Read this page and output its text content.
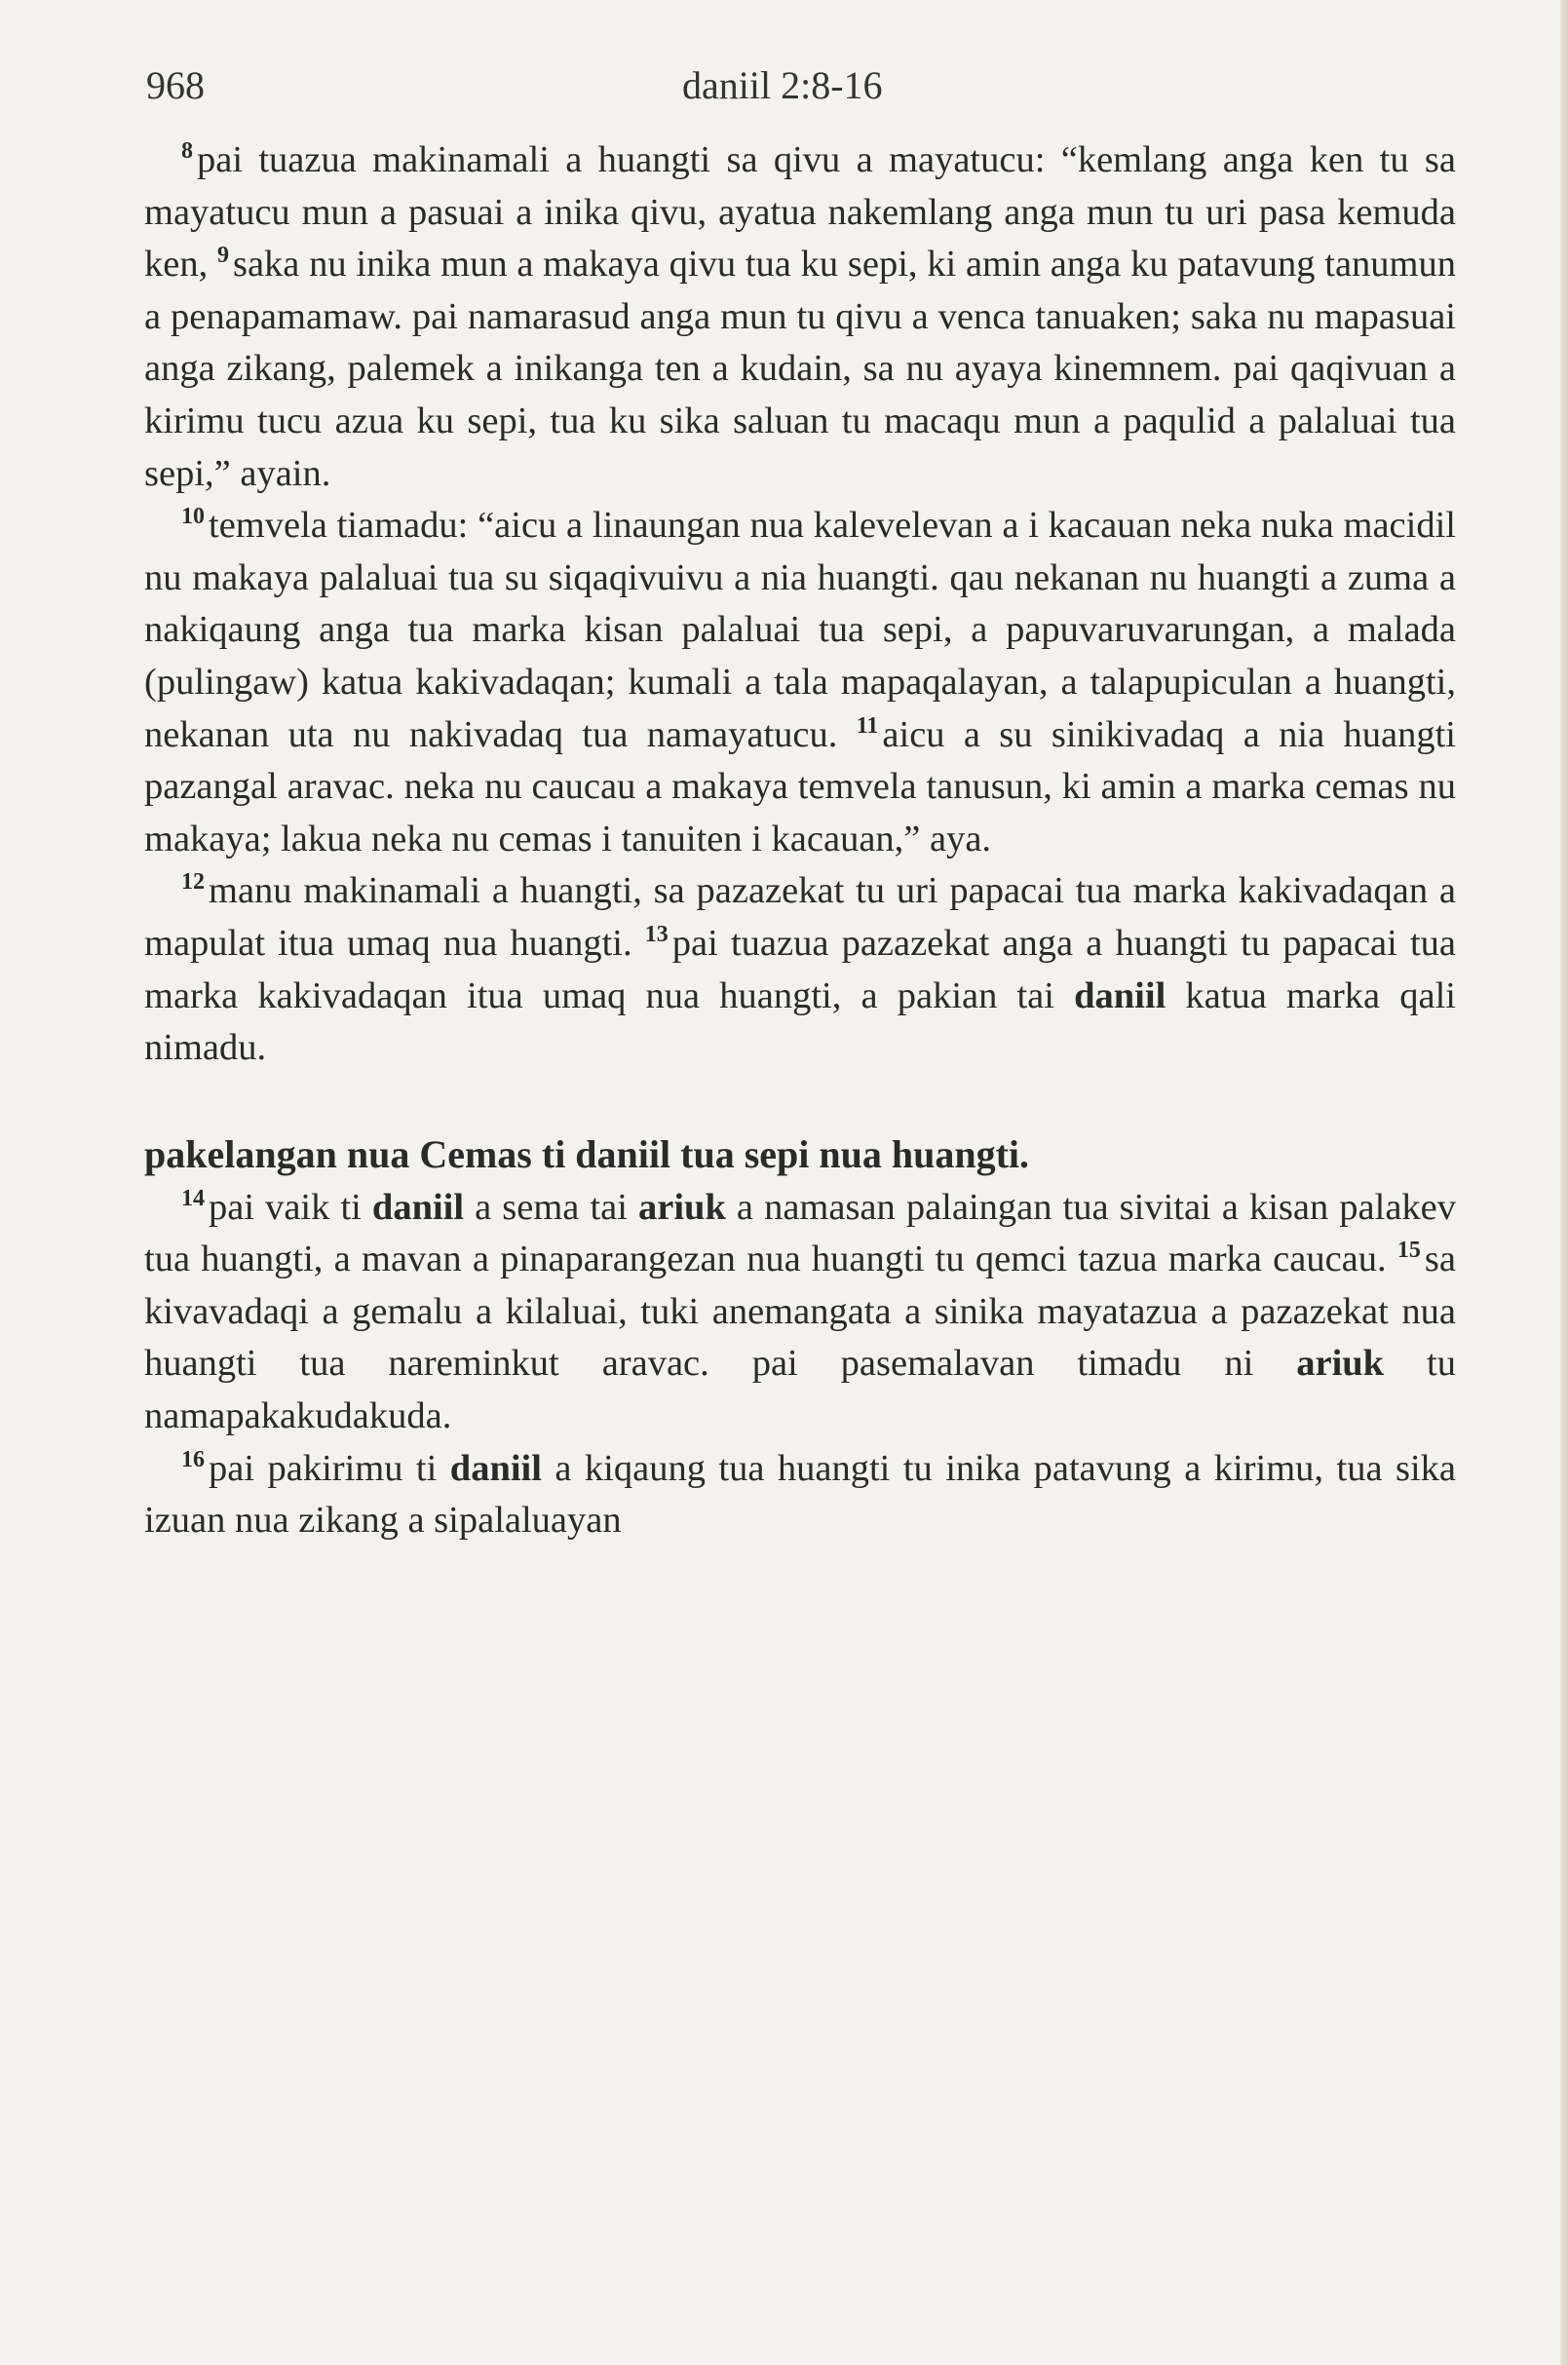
968	daniil 2:8-16

$^8$ pai tuazua makinamali a huangti sa qivu a mayatucu: “kemlang anga ken tu sa mayatucu mun a pasuai a inika qivu, ayatua nakemlang anga mun tu uri pasa kemuda ken, $^9$ saka nu inika mun a makaya qivu tua ku sepi, ki amin anga ku patavung tanumun a penapamamaw. pai namarasud anga mun tu qivu a venca tanuaken; saka nu mapasuai anga zikang, palemek a inikanga ten a kudain, sa nu ayaya kinemnem. pai qaqivuan a kirimu tucu azua ku sepi, tua ku sika saluan tu macaqu mun a paqulid a palaluai tua sepi,” ayain.

$^{10}$ temvela tiamadu: “aicu a linaungan nua kalevelevan a i kacauan neka nuka macidil nu makaya palaluai tua su siqaqivuivu a nia huangti. qau nekanan nu huangti a zuma a nakiqaung anga tua marka kisan palaluai tua sepi, a papuvaruvarungan, a malada (pulingaw) katua kakivadaqan; kumali a tala mapaqalayan, a talapupiculan a huangti, nekanan uta nu nakivadaq tua namayatucu. $^{11}$ aicu a su sinikivadaq a nia huangti pazangal aravac. neka nu caucau a makaya temvela tanusun, ki amin a marka cemas nu makaya; lakua neka nu cemas i tanuiten i kacauan,” aya.

$^{12}$ manu makinamali a huangti, sa pazazekat tu uri papacai tua marka kakivadaqan a mapulat itua umaq nua huangti. $^{13}$ pai tuazua pazazekat anga a huangti tu papacai tua marka kakivadaqan itua umaq nua huangti, a pakian tai daniil katua marka qali nimadu.

pakelangan nua Cemas ti daniil tua sepi nua huangti.

$^{14}$ pai vaik ti daniil a sema tai ariuk a namasan palaingan tua sivitai a kisan palakev tua huangti, a mavan a pinaparangezan nua huangti tu qemci tazua marka caucau. $^{15}$ sa kivavadaqi a gemalu a kilaluai, tuki anemangata a sinika mayatazua a pazazekat nua huangti tua nareminkut aravac. pai pasemalavan timadu ni ariuk tu namapakakudakuda.

$^{16}$ pai pakirimu ti daniil a kiqaung tua huangti tu inika patavung a kirimu, tua sika izuan nua zikang a sipalaluayan
